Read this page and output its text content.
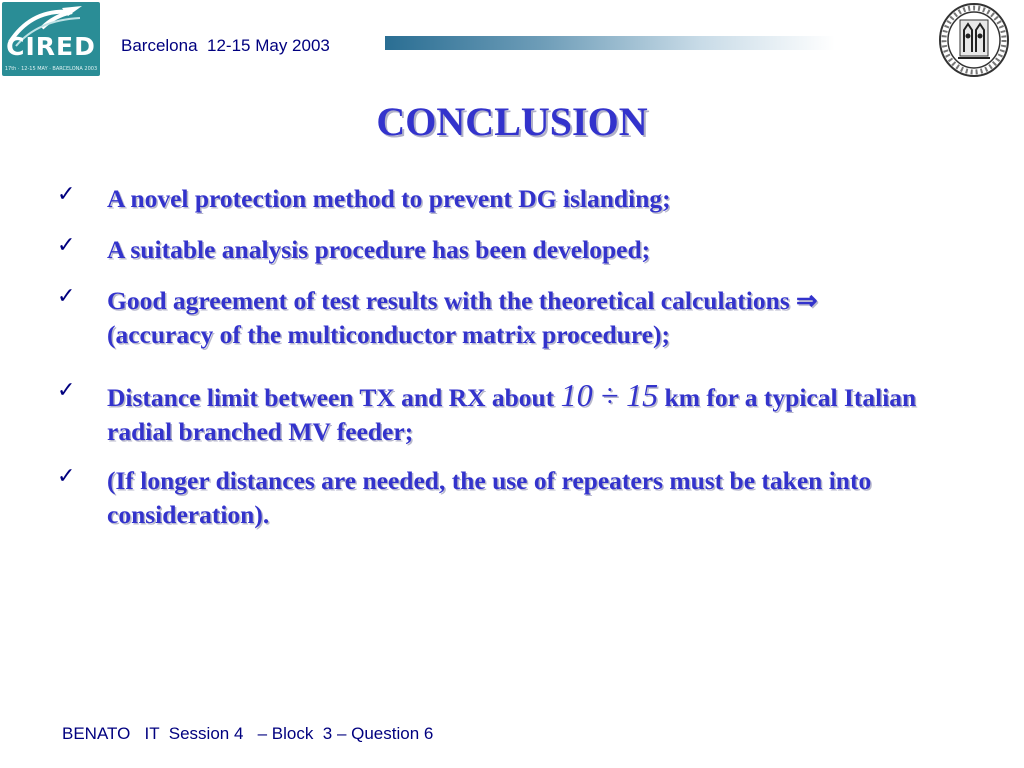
CIRED
17th · 12-15 MAY · BARCELONA 2003
Barcelona  12-15 May 2003
CONCLUSION
✓ A novel protection method to prevent DG islanding;
✓ A suitable analysis procedure has been developed;
✓ Good agreement of test results with the theoretical calculations ⇒ (accuracy of the multiconductor matrix procedure);
✓ Distance limit between TX and RX about 10 ÷ 15 km for a typical Italian radial branched MV feeder;
✓ (If longer distances are needed, the use of repeaters must be taken into consideration).
BENATO   IT  Session 4   – Block  3 – Question 6
